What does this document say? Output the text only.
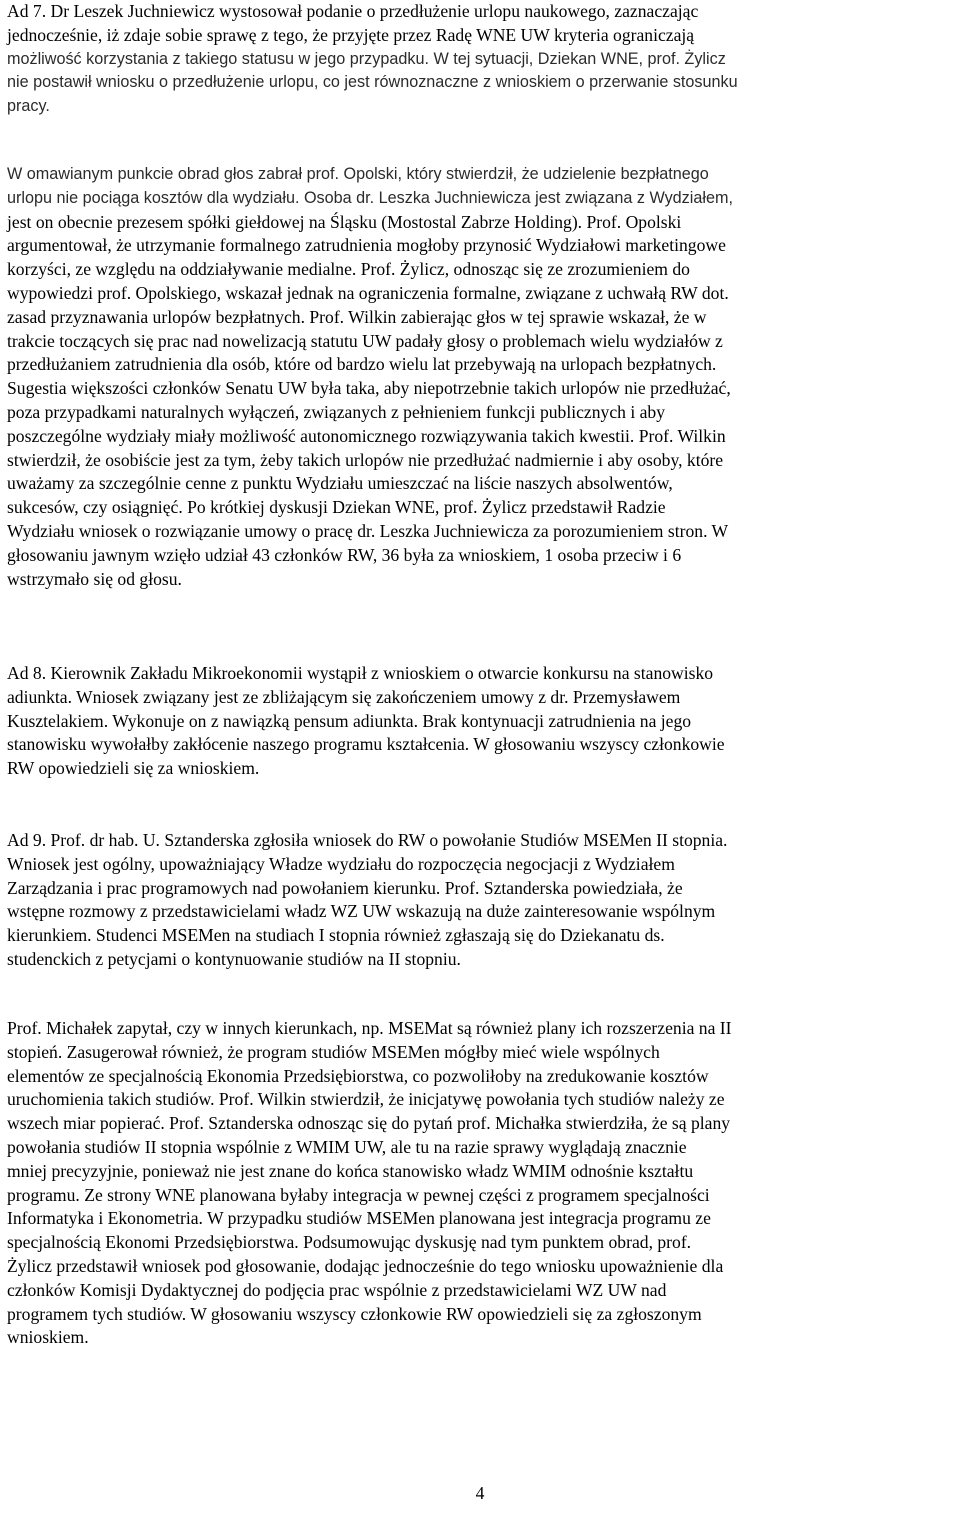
Ad 7. Dr Leszek Juchniewicz wystosował podanie o przedłużenie urlopu naukowego, zaznaczając
jednocześnie, iż zdaje sobie sprawę z tego, że przyjęte przez Radę WNE UW kryteria ograniczają
możliwość korzystania z takiego statusu w jego przypadku. W tej sytuacji, Dziekan WNE, prof. Żylicz
nie postawił wniosku o przedłużenie urlopu, co jest równoznaczne z wnioskiem o przerwanie stosunku
pracy.
W omawianym punkcie obrad głos zabrał prof. Opolski, który stwierdził, że udzielenie bezpłatnego
urlopu nie pociąga kosztów dla wydziału. Osoba dr. Leszka Juchniewicza jest związana z Wydziałem,
jest on obecnie prezesem spółki giełdowej na Śląsku (Mostostal Zabrze Holding). Prof. Opolski
argumentował, że utrzymanie formalnego zatrudnienia mogłoby przynosić Wydziałowi marketingowe
korzyści, ze względu na oddziaływanie medialne. Prof. Żylicz, odnosząc się ze zrozumieniem do
wypowiedzi prof. Opolskiego, wskazał jednak na ograniczenia formalne, związane z uchwałą RW dot.
zasad przyznawania urlopów bezpłatnych. Prof. Wilkin zabierając głos w tej sprawie wskazał, że w
trakcie toczących się prac nad nowelizacją statutu UW padały głosy o problemach wielu wydziałów z
przedłużaniem zatrudnienia dla osób, które od bardzo wielu lat przebywają na urlopach bezpłatnych.
Sugestia większości członków Senatu UW była taka, aby niepotrzebnie takich urlopów nie przedłużać,
poza przypadkami naturalnych wyłączeń, związanych z pełnieniem funkcji publicznych i aby
poszczególne wydziały miały możliwość autonomicznego rozwiązywania takich kwestii. Prof. Wilkin
stwierdził, że osobiście jest za tym, żeby takich urlopów nie przedłużać nadmiernie i aby osoby, które
uważamy za szczególnie cenne z punktu Wydziału umieszczać na liście naszych absolwentów,
sukcesów, czy osiągnięć. Po krótkiej dyskusji Dziekan WNE, prof. Żylicz przedstawił Radzie
Wydziału wniosek o rozwiązanie umowy o pracę dr. Leszka Juchniewicza za porozumieniem stron. W
głosowaniu jawnym wzięło udział 43 członków RW, 36 była za wnioskiem, 1 osoba przeciw i 6
wstrzymało się od głosu.
Ad 8. Kierownik Zakładu Mikroekonomii wystąpił z wnioskiem o otwarcie konkursu na stanowisko
adiunkta. Wniosek związany jest ze zbliżającym się zakończeniem umowy z dr. Przemysławem
Kusztelakiem. Wykonuje on z nawiązką pensum adiunkta. Brak kontynuacji zatrudnienia na jego
stanowisku wywołałby zakłócenie naszego programu kształcenia. W głosowaniu wszyscy członkowie
RW opowiedzieli się za wnioskiem.
Ad 9. Prof. dr hab. U. Sztanderska zgłosiła wniosek do RW o powołanie Studiów MSEMen II stopnia.
Wniosek jest ogólny, upoważniający Władze wydziału do rozpoczęcia negocjacji z Wydziałem
Zarządzania i prac programowych nad powołaniem kierunku. Prof. Sztanderska powiedziała, że
wstępne rozmowy z przedstawicielami władz WZ UW wskazują na duże zainteresowanie wspólnym
kierunkiem. Studenci MSEMen na studiach I stopnia również zgłaszają się do Dziekanatu ds.
studenckich z petycjami o kontynuowanie studiów na II stopniu.
Prof. Michałek zapytał, czy w innych kierunkach, np. MSEMat są również plany ich rozszerzenia na II
stopień. Zasugerował również, że program studiów MSEMen mógłby mieć wiele wspólnych
elementów ze specjalnością Ekonomia Przedsiębiorstwa, co pozwoliłoby na zredukowanie kosztów
uruchomienia takich studiów. Prof. Wilkin stwierdził, że inicjatywę powołania tych studiów należy ze
wszech miar popierać. Prof. Sztanderska odnosząc się do pytań prof. Michałka stwierdziła, że są plany
powołania studiów II stopnia wspólnie z WMIM UW, ale tu na razie sprawy wyglądają znacznie
mniej precyzyjnie, ponieważ nie jest znane do końca stanowisko władz WMIM odnośnie kształtu
programu. Ze strony WNE planowana byłaby integracja w pewnej części z programem specjalności
Informatyka i Ekonometria. W przypadku studiów MSEMen planowana jest integracja programu ze
specjalnością Ekonomi Przedsiębiorstwa. Podsumowując dyskusję nad tym punktem obrad, prof.
Żylicz przedstawił wniosek pod głosowanie, dodając jednocześnie do tego wniosku upoważnienie dla
członków Komisji Dydaktycznej do podjęcia prac wspólnie z przedstawicielami WZ UW nad
programem tych studiów. W głosowaniu wszyscy członkowie RW opowiedzieli się za zgłoszonym
wnioskiem.
4
